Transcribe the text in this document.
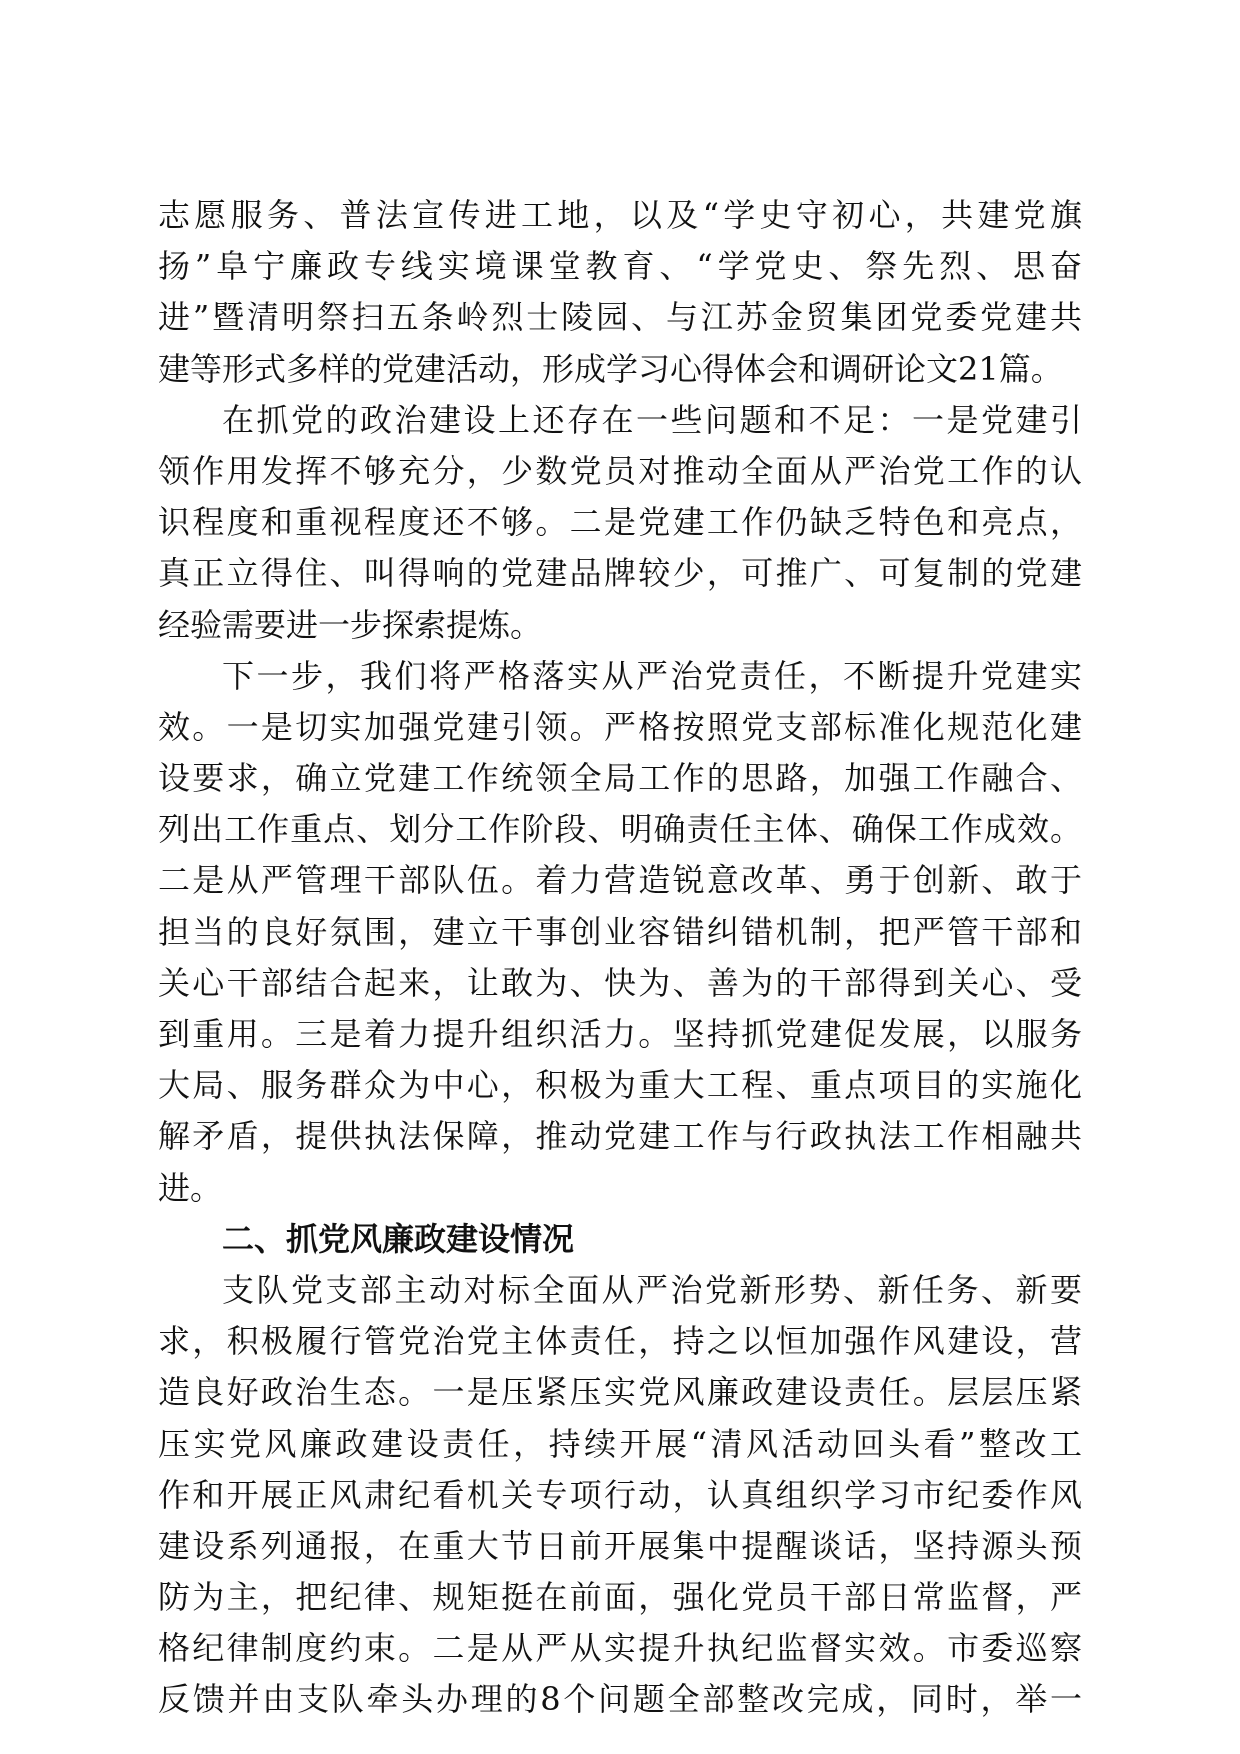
志愿服务、普法宣传进工地，以及“学史守初心，共建党旗
扬”阜宁廉政专线实境课堂教育、“学党史、祭先烈、思奋
进”暨清明祭扫五条岭烈士陵园、与江苏金贸集团党委党建共
建等形式多样的党建活动，形成学习心得体会和调研论文21篇。
在抓党的政治建设上还存在一些问题和不足：一是党建引
领作用发挥不够充分，少数党员对推动全面从严治党工作的认
识程度和重视程度还不够。二是党建工作仍缺乏特色和亮点，
真正立得住、叫得响的党建品牌较少，可推广、可复制的党建
经验需要进一步探索提炼。
下一步，我们将严格落实从严治党责任，不断提升党建实
效。一是切实加强党建引领。严格按照党支部标准化规范化建
设要求，确立党建工作统领全局工作的思路，加强工作融合、
列出工作重点、划分工作阶段、明确责任主体、确保工作成效。
二是从严管理干部队伍。着力营造锐意改革、勇于创新、敢于
担当的良好氛围，建立干事创业容错纠错机制，把严管干部和
关心干部结合起来，让敢为、快为、善为的干部得到关心、受
到重用。三是着力提升组织活力。坚持抓党建促发展，以服务
大局、服务群众为中心，积极为重大工程、重点项目的实施化
解矛盾，提供执法保障，推动党建工作与行政执法工作相融共
进。
二、抓党风廉政建设情况
支队党支部主动对标全面从严治党新形势、新任务、新要
求，积极履行管党治党主体责任，持之以恒加强作风建设，营
造良好政治生态。一是压紧压实党风廉政建设责任。层层压紧
压实党风廉政建设责任，持续开展“清风活动回头看”整改工
作和开展正风肃纪看机关专项行动，认真组织学习市纪委作风
建设系列通报，在重大节日前开展集中提醒谈话，坚持源头预
防为主，把纪律、规矩挺在前面，强化党员干部日常监督，严
格纪律制度约束。二是从严从实提升执纪监督实效。市委巡察
反馈并由支队牵头办理的8个问题全部整改完成，同时，举一
